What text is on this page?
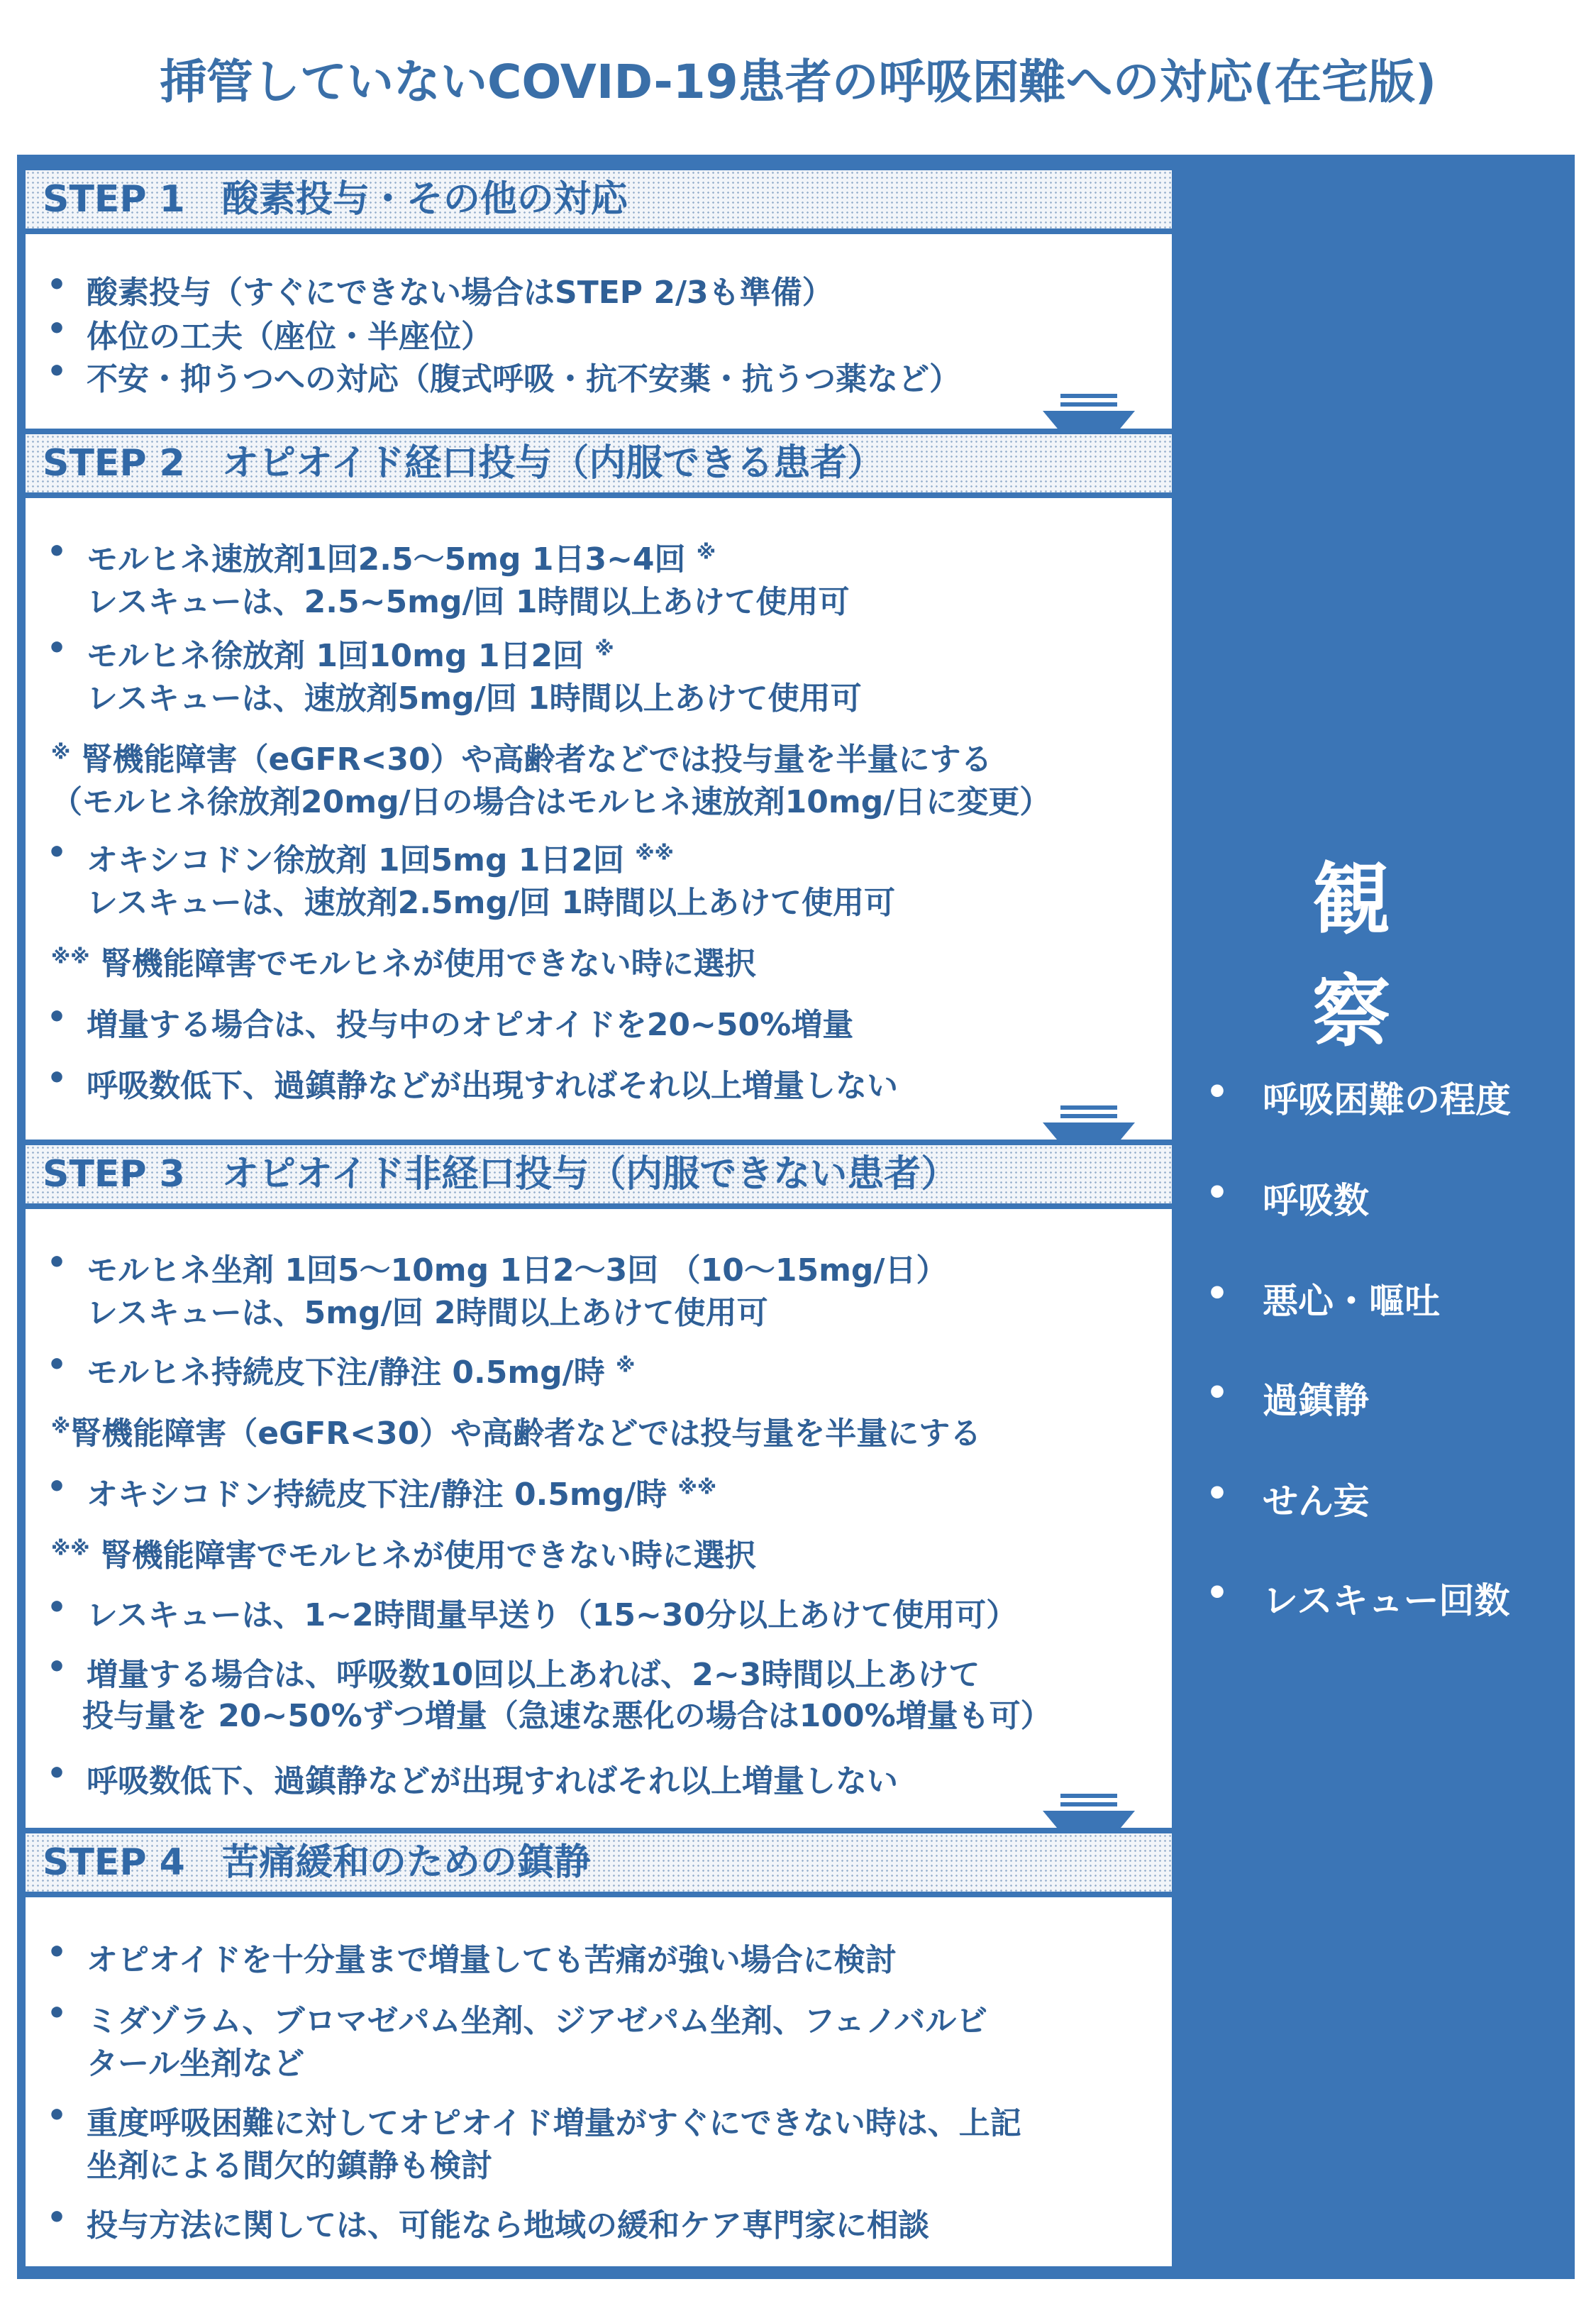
挿管していないCOVID-19患者の呼吸困難への対応(在宅版)
STEP 1　酸素投与・その他の対応
• 酸素投与（すぐにできない場合はSTEP 2/3も準備）
• 体位の工夫（座位・半座位）
• 不安・抑うつへの対応（腹式呼吸・抗不安薬・抗うつ薬など）
STEP 2　オピオイド経口投与（内服できる患者）
• モルヒネ速放剤1回2.5～5mg 1日3~4回 ※
レスキューは、2.5~5mg/回 1時間以上あけて使用可
• モルヒネ徐放剤 1回10mg 1日2回 ※
レスキューは、速放剤5mg/回 1時間以上あけて使用可
※ 腎機能障害（eGFR<30）や高齢者などでは投与量を半量にする
（モルヒネ徐放剤20mg/日の場合はモルヒネ速放剤10mg/日に変更）
• オキシコドン徐放剤 1回5mg 1日2回 ※※
レスキューは、速放剤2.5mg/回 1時間以上あけて使用可
※※ 腎機能障害でモルヒネが使用できない時に選択
• 増量する場合は、投与中のオピオイドを20~50%増量
• 呼吸数低下、過鎮静などが出現すればそれ以上増量しない
STEP 3　オピオイド非経口投与（内服できない患者）
• モルヒネ坐剤 1回5～10mg 1日2～3回 （10～15mg/日）
レスキューは、5mg/回 2時間以上あけて使用可
• モルヒネ持続皮下注/静注 0.5mg/時 ※
※腎機能障害（eGFR<30）や高齢者などでは投与量を半量にする
• オキシコドン持続皮下注/静注 0.5mg/時 ※※
※※ 腎機能障害でモルヒネが使用できない時に選択
• レスキューは、1~2時間量早送り（15~30分以上あけて使用可）
• 増量する場合は、呼吸数10回以上あれば、2~3時間以上あけて
投与量を 20~50%ずつ増量（急速な悪化の場合は100%増量も可）
• 呼吸数低下、過鎮静などが出現すればそれ以上増量しない
STEP 4　苦痛緩和のための鎮静
• オピオイドを十分量まで増量しても苦痛が強い場合に検討
• ミダゾラム、ブロマゼパム坐剤、ジアゼパム坐剤、フェノバルビ
タール坐剤など
• 重度呼吸困難に対してオピオイド増量がすぐにできない時は、上記
坐剤による間欠的鎮静も検討
• 投与方法に関しては、可能なら地域の緩和ケア専門家に相談
観　察
• 呼吸困難の程度
• 呼吸数
• 悪心・嘔吐
• 過鎮静
• せん妄
• レスキュー回数
